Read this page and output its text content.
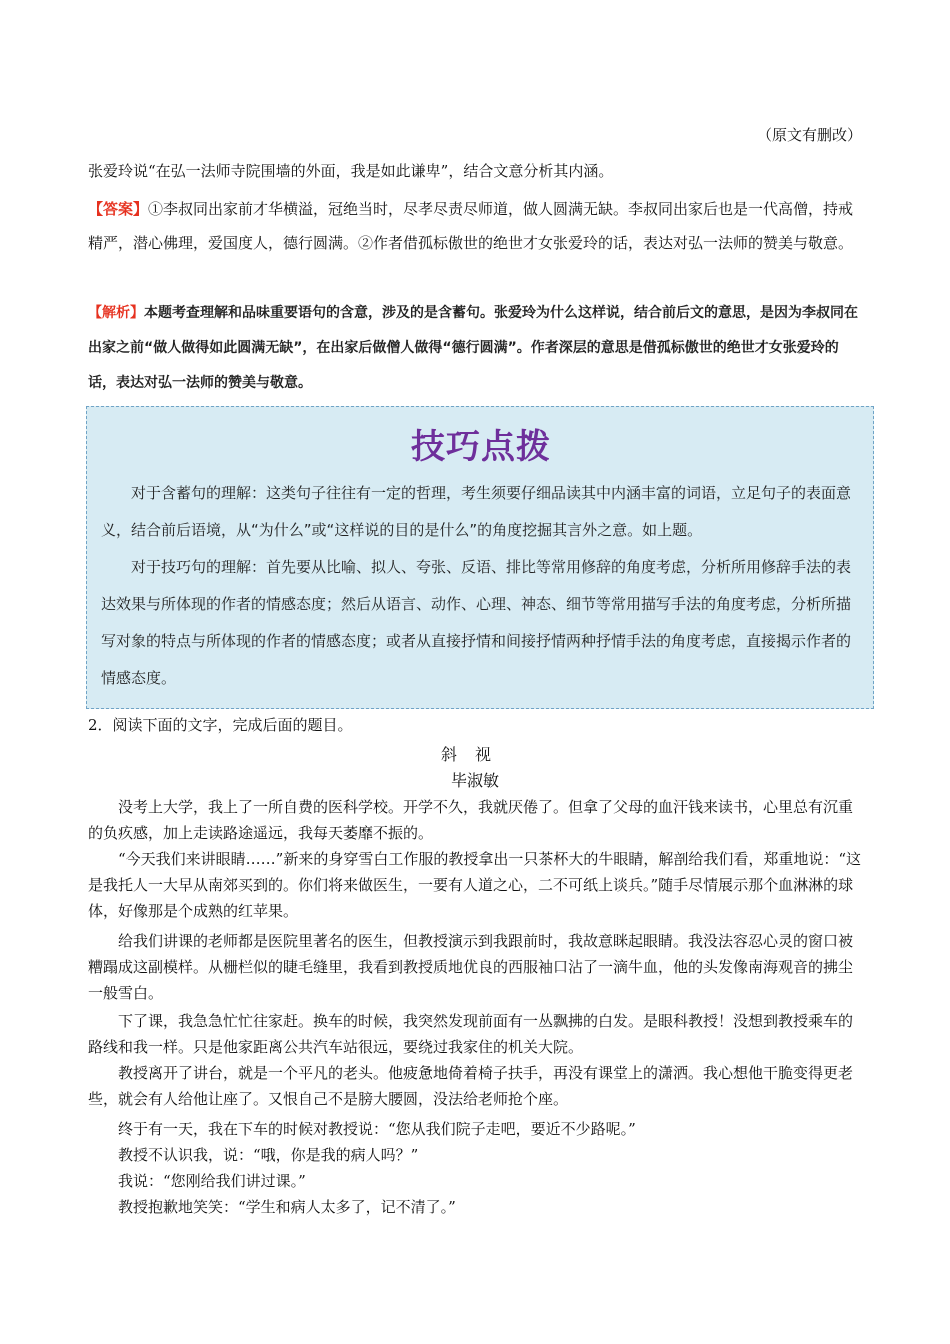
（原文有删改）
张爱玲说“在弘一法师寺院围墙的外面，我是如此谦卑”，结合文意分析其内涵。
【答案】①李叔同出家前才华横溢，冠绝当时，尽孝尽责尽师道，做人圆满无缺。李叔同出家后也是一代高僧，持戒精严，潜心佛理，爱国度人，德行圆满。②作者借孤标傲世的绝世才女张爱玲的话，表达对弘一法师的赞美与敬意。
【解析】本题考查理解和品味重要语句的含意，涉及的是含蓄句。张爱玲为什么这样说，结合前后文的意思，是因为李叔同在出家之前“做人做得如此圆满无缺”，在出家后做僧人做得“德行圆满”。作者深层的意思是借孤标傲世的绝世才女张爱玲的话，表达对弘一法师的赞美与敬意。
技巧点拨
对于含蓄句的理解：这类句子往往有一定的哲理，考生须要仔细品读其中内涵丰富的词语，立足句子的表面意义，结合前后语境，从“为什么”或“这样说的目的是什么”的角度挖掘其言外之意。如上题。
对于技巧句的理解：首先要从比喻、拟人、夸张、反语、排比等常用修辞的角度考虑，分析所用修辞手法的表达效果与所体现的作者的情感态度；然后从语言、动作、心理、神态、细节等常用描写手法的角度考虑，分析所描写对象的特点与所体现的作者的情感态度；或者从直接抒情和间接抒情两种抒情手法的角度考虑，直接揭示作者的情感态度。
2．阅读下面的文字，完成后面的题目。
斜视
毕淑敏
没考上大学，我上了一所自费的医科学校。开学不久，我就厌倦了。但拿了父母的血汗钱来读书，心里总有沉重的负疚感，加上走读路途遥远，我每天萎靡不振的。
“今天我们来讲眼睛……”新来的身穿雪白工作服的教授拿出一只茶杯大的牛眼睛，解剖给我们看，郑重地说：“这是我托人一大早从南郊买到的。你们将来做医生，一要有人道之心，二不可纸上谈兵。”随手尽情展示那个血淋淋的球体，好像那是个成熟的红苹果。
给我们讲课的老师都是医院里著名的医生，但教授演示到我跟前时，我故意眯起眼睛。我没法容忍心灵的窗口被糟蹋成这副模样。从栅栏似的睫毛缝里，我看到教授质地优良的西服袖口沾了一滴牛血，他的头发像南海观音的拂尘一般雪白。
下了课，我急急忙忙往家赶。换车的时候，我突然发现前面有一丛飘拂的白发。是眼科教授！没想到教授乘车的路线和我一样。只是他家距离公共汽车站很远，要绕过我家住的机关大院。
教授离开了讲台，就是一个平凡的老头。他疲惫地倚着椅子扶手，再没有课堂上的潇洒。我心想他干脆变得更老些，就会有人给他让座了。又恨自己不是膀大腰圆，没法给老师抢个座。
终于有一天，我在下车的时候对教授说：“您从我们院子走吧，要近不少路呢。”
教授不认识我，说：“哦，你是我的病人吗？”
我说：“您刚给我们讲过课。”
教授抱歉地笑笑：“学生和病人太多了，记不清了。”
